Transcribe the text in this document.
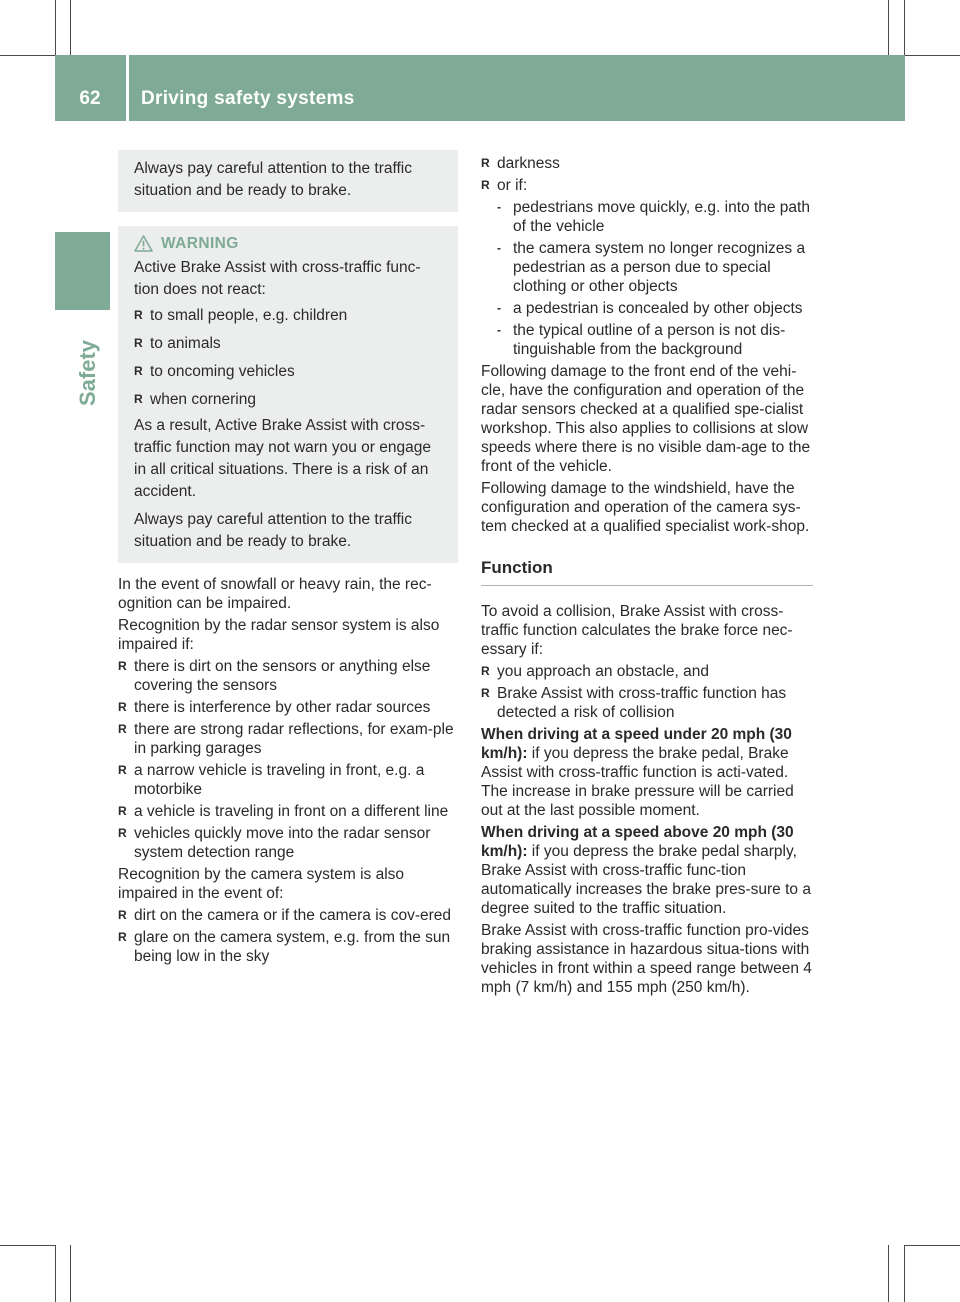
62	Driving safety systems
Safety

Always pay careful attention to the traffic situation and be ready to brake.

WARNING

Active Brake Assist with cross-traffic func-tion does not react:

R to small people, e.g. children
R to animals
R to oncoming vehicles
R when cornering

As a result, Active Brake Assist with cross-traffic function may not warn you or engage in all critical situations. There is a risk of an accident.

Always pay careful attention to the traffic situation and be ready to brake.

In the event of snowfall or heavy rain, the rec-ognition can be impaired.

Recognition by the radar sensor system is also impaired if:

R there is dirt on the sensors or anything else covering the sensors
R there is interference by other radar sources
R there are strong radar reflections, for exam-ple in parking garages
R a narrow vehicle is traveling in front, e.g. a motorbike
R a vehicle is traveling in front on a different line
R vehicles quickly move into the radar sensor system detection range

Recognition by the camera system is also impaired in the event of:

R dirt on the camera or if the camera is cov-ered
R glare on the camera system, e.g. from the sun being low in the sky
R darkness
R or if:
- pedestrians move quickly, e.g. into the path of the vehicle
- the camera system no longer recognizes a pedestrian as a person due to special clothing or other objects
- a pedestrian is concealed by other objects
- the typical outline of a person is not dis-tinguishable from the background

Following damage to the front end of the vehi-cle, have the configuration and operation of the radar sensors checked at a qualified spe-cialist workshop. This also applies to collisions at slow speeds where there is no visible dam-age to the front of the vehicle.

Following damage to the windshield, have the configuration and operation of the camera sys-tem checked at a qualified specialist work-shop.

Function

To avoid a collision, Brake Assist with cross-traffic function calculates the brake force nec-essary if:

R you approach an obstacle, and
R Brake Assist with cross-traffic function has detected a risk of collision

When driving at a speed under 20 mph (30 km/h): if you depress the brake pedal, Brake Assist with cross-traffic function is acti-vated. The increase in brake pressure will be carried out at the last possible moment.

When driving at a speed above 20 mph (30 km/h): if you depress the brake pedal sharply, Brake Assist with cross-traffic func-tion automatically increases the brake pres-sure to a degree suited to the traffic situation.

Brake Assist with cross-traffic function pro-vides braking assistance in hazardous situa-tions with vehicles in front within a speed range between 4 mph (7 km/h) and 155 mph (250 km/h).
